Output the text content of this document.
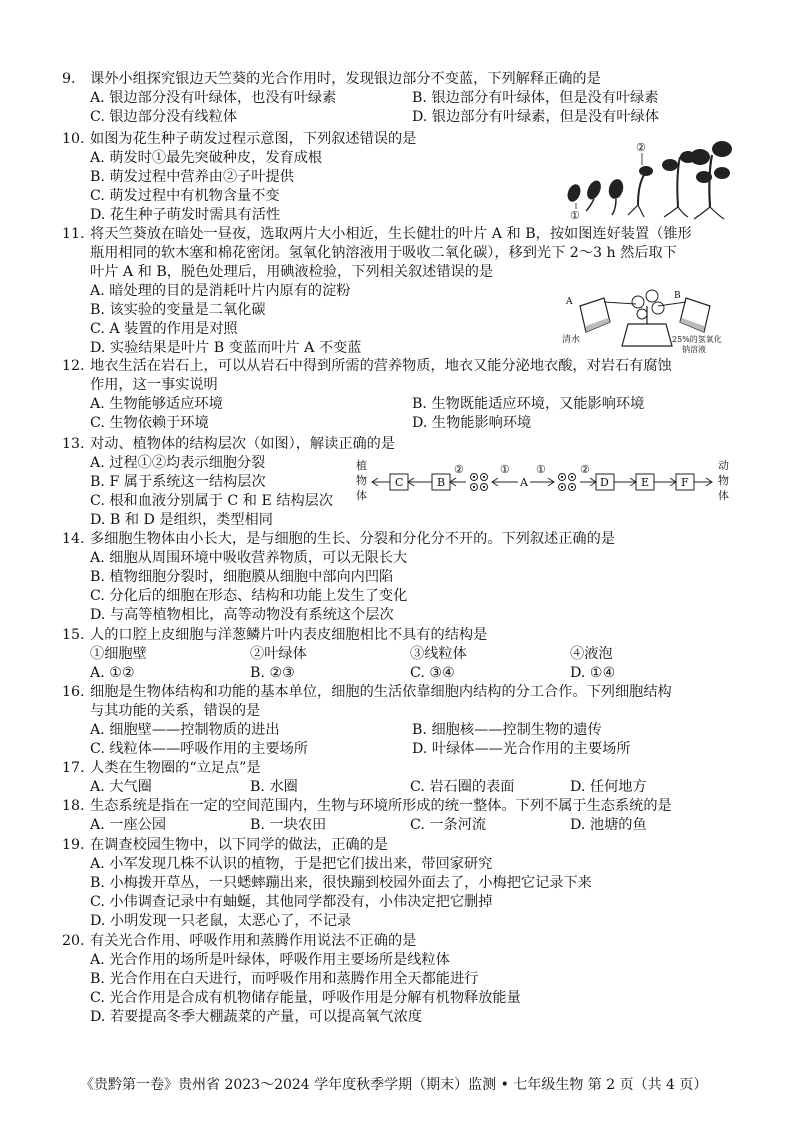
9. 课外小组探究银边天竺葵的光合作用时，发现银边部分不变蓝，下列解释正确的是
A. 银边部分没有叶绿体，也没有叶绿素	B. 银边部分有叶绿体，但是没有叶绿素
C. 银边部分没有线粒体	D. 银边部分有叶绿素，但是没有叶绿体
10. 如图为花生种子萌发过程示意图，下列叙述错误的是
A. 萌发时①最先突破种皮，发育成根
B. 萌发过程中营养由②子叶提供
C. 萌发过程中有机物含量不变
D. 花生种子萌发时需具有活性
②
①
11. 将天竺葵放在暗处一昼夜，选取两片大小相近，生长健壮的叶片 A 和 B，按如图连好装置（锥形
瓶用相同的软木塞和棉花密闭。氢氧化钠溶液用于吸收二氧化碳），移到光下 2～3 h 然后取下
叶片 A 和 B，脱色处理后，用碘液检验，下列相关叙述错误的是
A. 暗处理的目的是消耗叶片内原有的淀粉
B. 该实验的变量是二氧化碳
C. A 装置的作用是对照
D. 实验结果是叶片 B 变蓝而叶片 A 不变蓝
A
B
清水	25%的氢氧化
钠溶液
12. 地衣生活在岩石上，可以从岩石中得到所需的营养物质，地衣又能分泌地衣酸，对岩石有腐蚀
作用，这一事实说明
A. 生物能够适应环境	B. 生物既能适应环境，又能影响环境
C. 生物依赖于环境	D. 生物能影响环境
13. 对动、植物体的结构层次（如图），解读正确的是
A. 过程①②均表示细胞分裂
B. F 属于系统这一结构层次
C. 根和血液分别属于 C 和 E 结构层次
D. B 和 D 是组织，类型相同
植
物
体
动
物
体
C	B	A	D	E	F
②	① ①	②
14. 多细胞生物体由小长大，是与细胞的生长、分裂和分化分不开的。下列叙述正确的是
A. 细胞从周围环境中吸收营养物质，可以无限长大
B. 植物细胞分裂时，细胞膜从细胞中部向内凹陷
C. 分化后的细胞在形态、结构和功能上发生了变化
D. 与高等植物相比，高等动物没有系统这个层次
15. 人的口腔上皮细胞与洋葱鳞片叶内表皮细胞相比不具有的结构是
①细胞壁	②叶绿体	③线粒体	④液泡
A. ①②	B. ②③	C. ③④	D. ①④
16. 细胞是生物体结构和功能的基本单位，细胞的生活依靠细胞内结构的分工合作。下列细胞结构
与其功能的关系，错误的是
A. 细胞壁——控制物质的进出	B. 细胞核——控制生物的遗传
C. 线粒体——呼吸作用的主要场所	D. 叶绿体——光合作用的主要场所
17. 人类在生物圈的“立足点”是
A. 大气圈	B. 水圈	C. 岩石圈的表面	D. 任何地方
18. 生态系统是指在一定的空间范围内，生物与环境所形成的统一整体。下列不属于生态系统的是
A. 一座公园	B. 一块农田	C. 一条河流	D. 池塘的鱼
19. 在调查校园生物中，以下同学的做法，正确的是
A. 小军发现几株不认识的植物，于是把它们拔出来，带回家研究
B. 小梅拨开草丛，一只蟋蟀蹦出来，很快蹦到校园外面去了，小梅把它记录下来
C. 小伟调查记录中有蚰蜒，其他同学都没有，小伟决定把它删掉
D. 小明发现一只老鼠，太恶心了，不记录
20. 有关光合作用、呼吸作用和蒸腾作用说法不正确的是
A. 光合作用的场所是叶绿体，呼吸作用主要场所是线粒体
B. 光合作用在白天进行，而呼吸作用和蒸腾作用全天都能进行
C. 光合作用是合成有机物储存能量，呼吸作用是分解有机物释放能量
D. 若要提高冬季大棚蔬菜的产量，可以提高氧气浓度
《贵黔第一卷》贵州省 2023～2024 学年度秋季学期（期末）监测 • 七年级生物 第 2 页（共 4 页）
